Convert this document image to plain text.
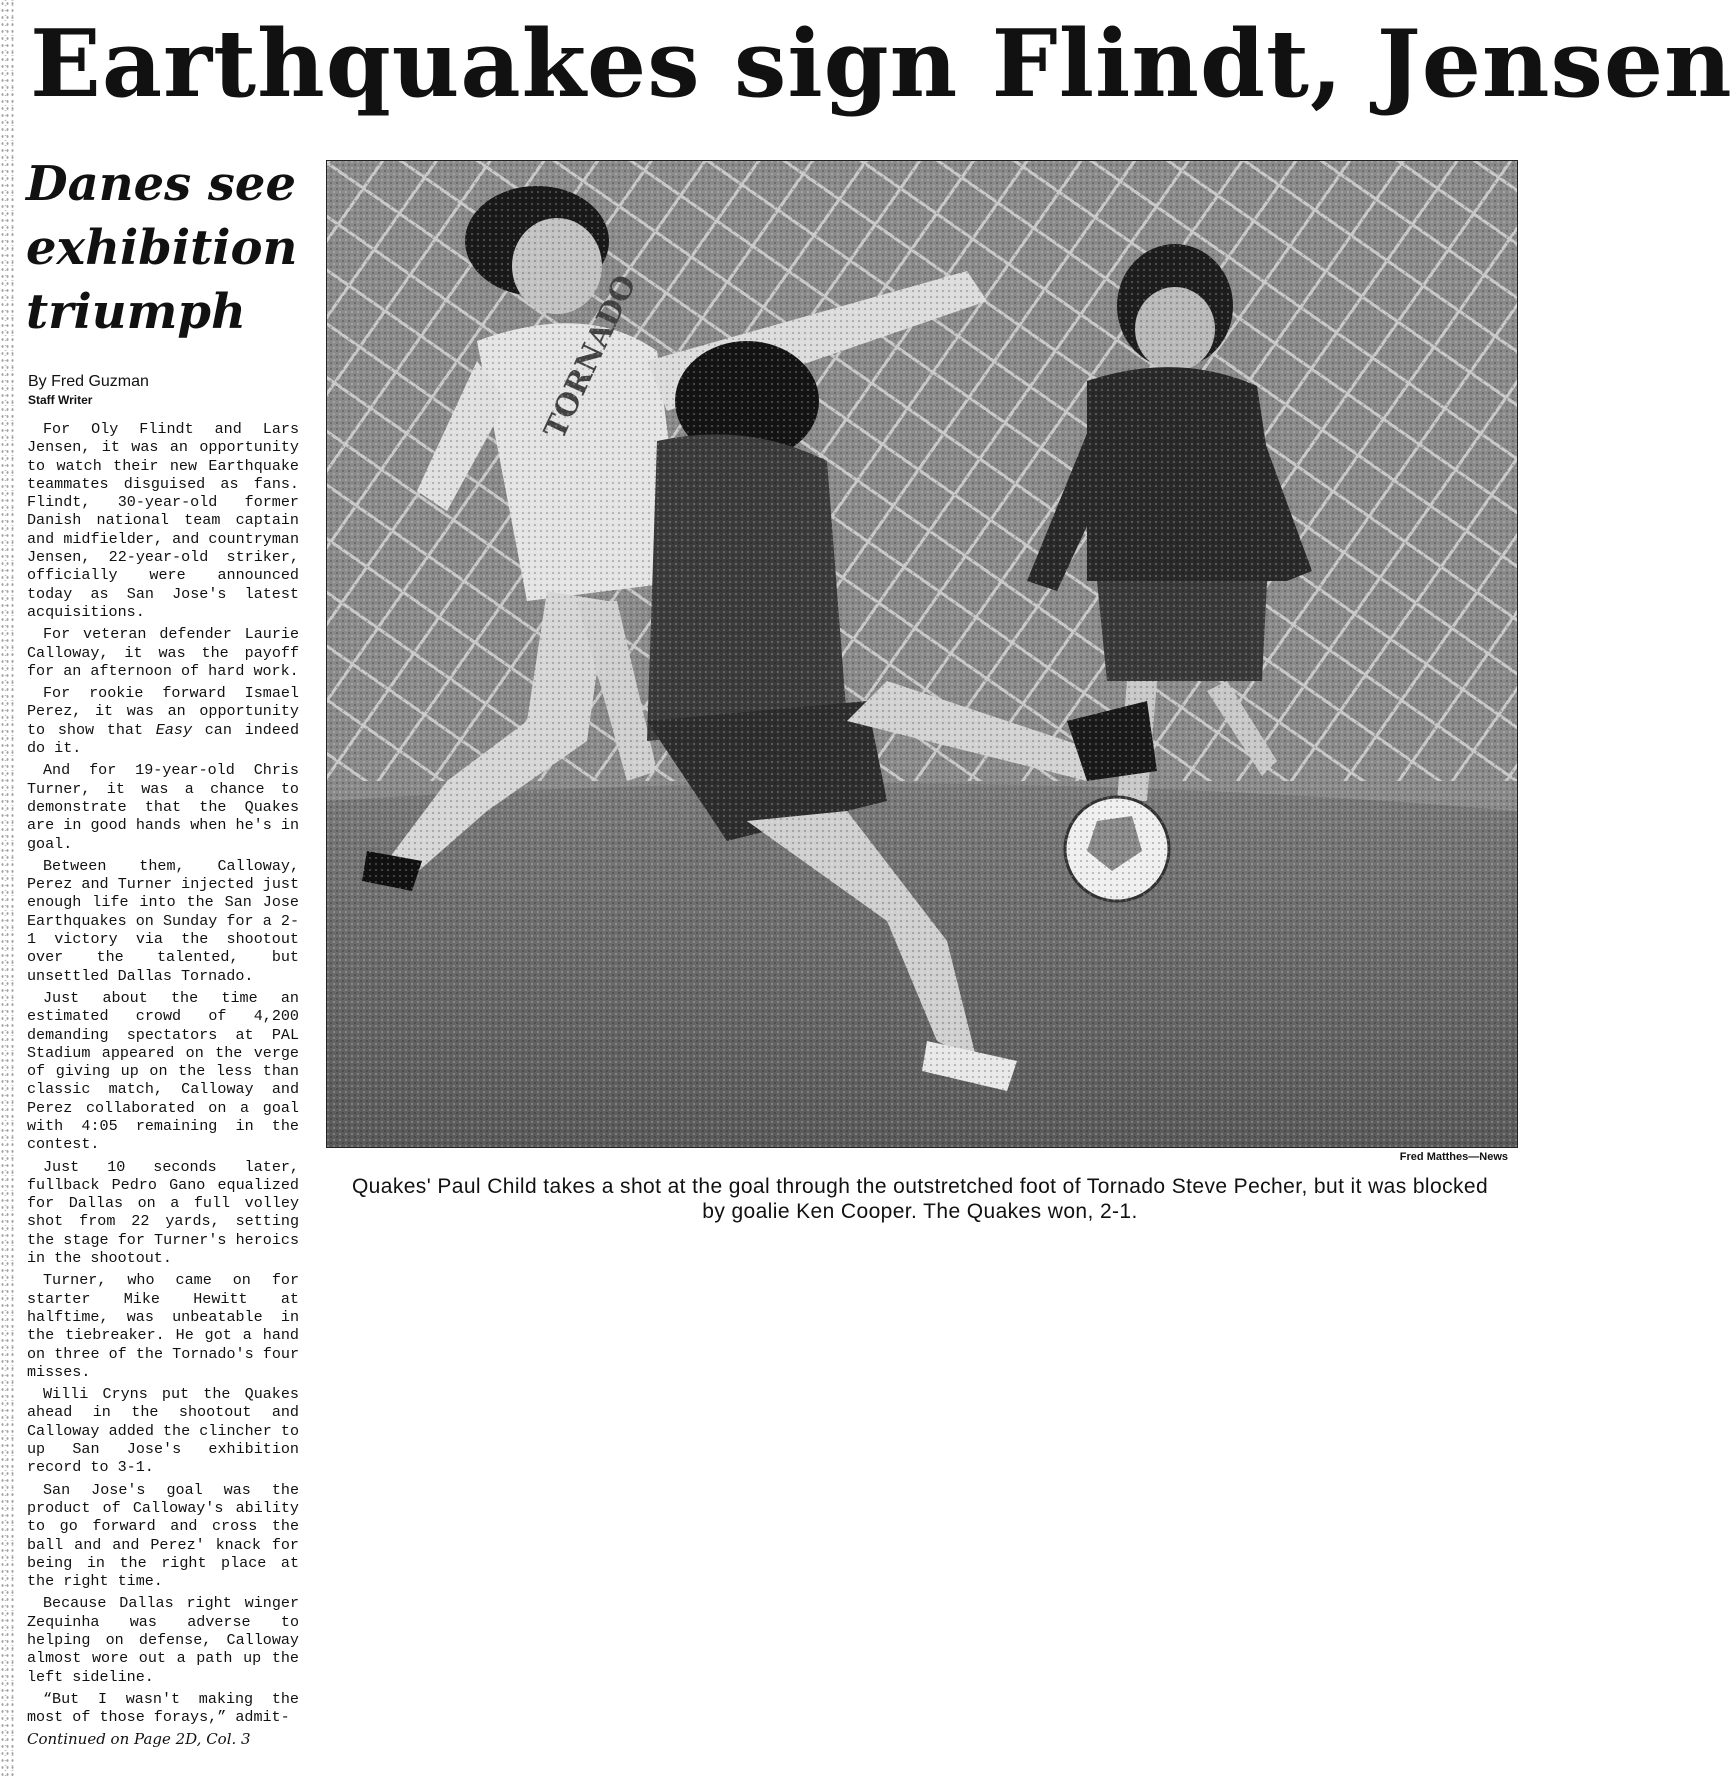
Earthquakes sign Flindt, Jensen
Danes see exhibition triumph
By Fred Guzman
Staff Writer

For Oly Flindt and Lars Jensen, it was an opportunity to watch their new Earthquake teammates disguised as fans. Flindt, 30-year-old former Danish national team captain and midfielder, and countryman Jensen, 22-year-old striker, officially were announced today as San Jose's latest acquisitions.

For veteran defender Laurie Calloway, it was the payoff for an afternoon of hard work.

For rookie forward Ismael Perez, it was an opportunity to show that Easy can indeed do it.

And for 19-year-old Chris Turner, it was a chance to demonstrate that the Quakes are in good hands when he's in goal.

Between them, Calloway, Perez and Turner injected just enough life into the San Jose Earthquakes on Sunday for a 2-1 victory via the shootout over the talented, but unsettled Dallas Tornado.

Just about the time an estimated crowd of 4,200 demanding spectators at PAL Stadium appeared on the verge of giving up on the less than classic match, Calloway and Perez collaborated on a goal with 4:05 remaining in the contest.

Just 10 seconds later, fullback Pedro Gano equalized for Dallas on a full volley shot from 22 yards, setting the stage for Turner's heroics in the shootout.

Turner, who came on for starter Mike Hewitt at halftime, was unbeatable in the tiebreaker. He got a hand on three of the Tornado's four misses.

Willi Cryns put the Quakes ahead in the shootout and Calloway added the clincher to up San Jose's exhibition record to 3-1.

San Jose's goal was the product of Calloway's ability to go forward and cross the ball and and Perez' knack for being in the right place at the right time.

Because Dallas right winger Zequinha was adverse to helping on defense, Calloway almost wore out a path up the left sideline.

“But I wasn't making the most of those forays,” admit-

Continued on Page 2D, Col. 3

Fred Matthes—News
Quakes' Paul Child takes a shot at the goal through the outstretched foot of Tornado Steve Pecher, but it was blocked by goalie Ken Cooper. The Quakes won, 2-1.
